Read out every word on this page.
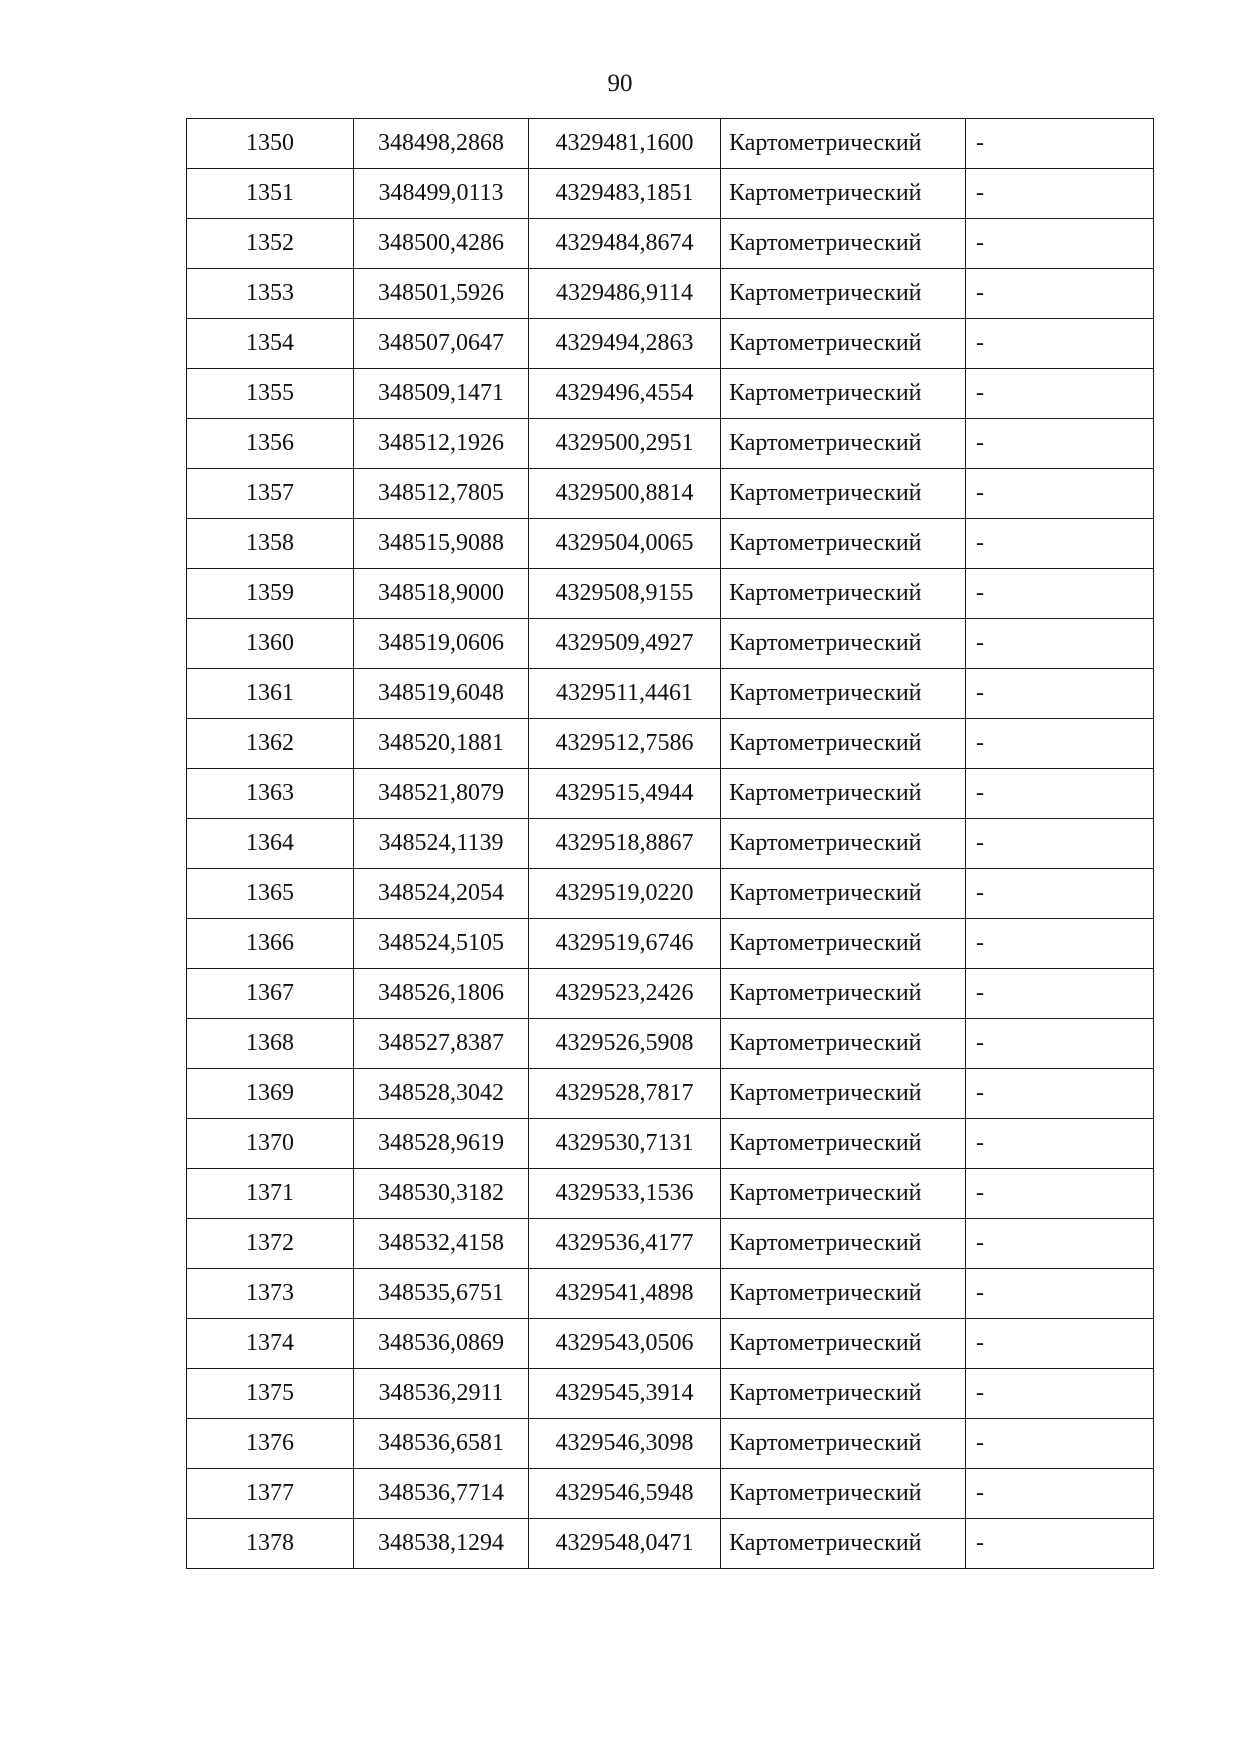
90
1350	348498,2868	4329481,1600	Картометрический	-
1351	348499,0113	4329483,1851	Картометрический	-
1352	348500,4286	4329484,8674	Картометрический	-
1353	348501,5926	4329486,9114	Картометрический	-
1354	348507,0647	4329494,2863	Картометрический	-
1355	348509,1471	4329496,4554	Картометрический	-
1356	348512,1926	4329500,2951	Картометрический	-
1357	348512,7805	4329500,8814	Картометрический	-
1358	348515,9088	4329504,0065	Картометрический	-
1359	348518,9000	4329508,9155	Картометрический	-
1360	348519,0606	4329509,4927	Картометрический	-
1361	348519,6048	4329511,4461	Картометрический	-
1362	348520,1881	4329512,7586	Картометрический	-
1363	348521,8079	4329515,4944	Картометрический	-
1364	348524,1139	4329518,8867	Картометрический	-
1365	348524,2054	4329519,0220	Картометрический	-
1366	348524,5105	4329519,6746	Картометрический	-
1367	348526,1806	4329523,2426	Картометрический	-
1368	348527,8387	4329526,5908	Картометрический	-
1369	348528,3042	4329528,7817	Картометрический	-
1370	348528,9619	4329530,7131	Картометрический	-
1371	348530,3182	4329533,1536	Картометрический	-
1372	348532,4158	4329536,4177	Картометрический	-
1373	348535,6751	4329541,4898	Картометрический	-
1374	348536,0869	4329543,0506	Картометрический	-
1375	348536,2911	4329545,3914	Картометрический	-
1376	348536,6581	4329546,3098	Картометрический	-
1377	348536,7714	4329546,5948	Картометрический	-
1378	348538,1294	4329548,0471	Картометрический	-
